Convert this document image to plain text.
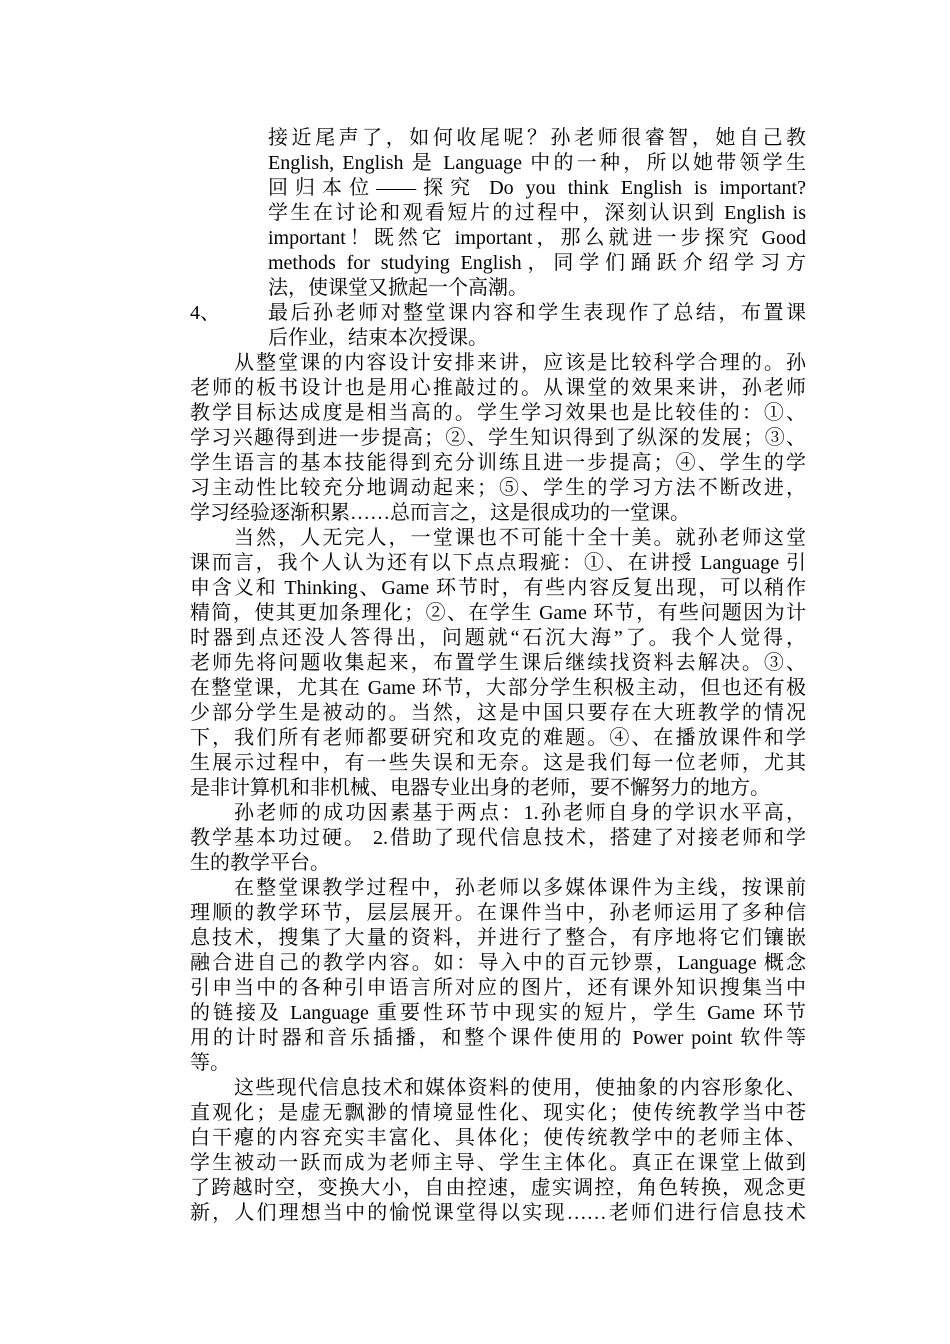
接近尾声了，如何收尾呢？孙老师很睿智，她自己教
English, English 是 Language 中的一种，所以她带领学生
回归本位——探究 Do you think English is important?
学生在讨论和观看短片的过程中，深刻认识到 English is
important！既然它 important，那么就进一步探究 Good
methods for studying English，同学们踊跃介绍学习方
法，使课堂又掀起一个高潮。
4、 最后孙老师对整堂课内容和学生表现作了总结，布置课
后作业，结束本次授课。
从整堂课的内容设计安排来讲，应该是比较科学合理的。孙
老师的板书设计也是用心推敲过的。从课堂的效果来讲，孙老师
教学目标达成度是相当高的。学生学习效果也是比较佳的：①、
学习兴趣得到进一步提高；②、学生知识得到了纵深的发展；③、
学生语言的基本技能得到充分训练且进一步提高；④、学生的学
习主动性比较充分地调动起来；⑤、学生的学习方法不断改进，
学习经验逐渐积累……总而言之，这是很成功的一堂课。
当然，人无完人，一堂课也不可能十全十美。就孙老师这堂
课而言，我个人认为还有以下点点瑕疵：①、在讲授 Language 引
申含义和 Thinking、Game 环节时，有些内容反复出现，可以稍作
精简，使其更加条理化；②、在学生 Game 环节，有些问题因为计
时器到点还没人答得出，问题就“石沉大海”了。我个人觉得，
老师先将问题收集起来，布置学生课后继续找资料去解决。③、
在整堂课，尤其在 Game 环节，大部分学生积极主动，但也还有极
少部分学生是被动的。当然，这是中国只要存在大班教学的情况
下，我们所有老师都要研究和攻克的难题。④、在播放课件和学
生展示过程中，有一些失误和无奈。这是我们每一位老师，尤其
是非计算机和非机械、电器专业出身的老师，要不懈努力的地方。
孙老师的成功因素基于两点：1.孙老师自身的学识水平高，
教学基本功过硬。 2.借助了现代信息技术，搭建了对接老师和学
生的教学平台。
在整堂课教学过程中，孙老师以多媒体课件为主线，按课前
理顺的教学环节，层层展开。在课件当中，孙老师运用了多种信
息技术，搜集了大量的资料，并进行了整合，有序地将它们镶嵌
融合进自己的教学内容。如：导入中的百元钞票，Language 概念
引申当中的各种引申语言所对应的图片，还有课外知识搜集当中
的链接及 Language 重要性环节中现实的短片，学生 Game 环节
用的计时器和音乐插播，和整个课件使用的 Power point 软件等
等。
这些现代信息技术和媒体资料的使用，使抽象的内容形象化、
直观化；是虚无飘渺的情境显性化、现实化；使传统教学当中苍
白干瘪的内容充实丰富化、具体化；使传统教学中的老师主体、
学生被动一跃而成为老师主导、学生主体化。真正在课堂上做到
了跨越时空，变换大小，自由控速，虚实调控，角色转换，观念更
新，人们理想当中的愉悦课堂得以实现……老师们进行信息技术
